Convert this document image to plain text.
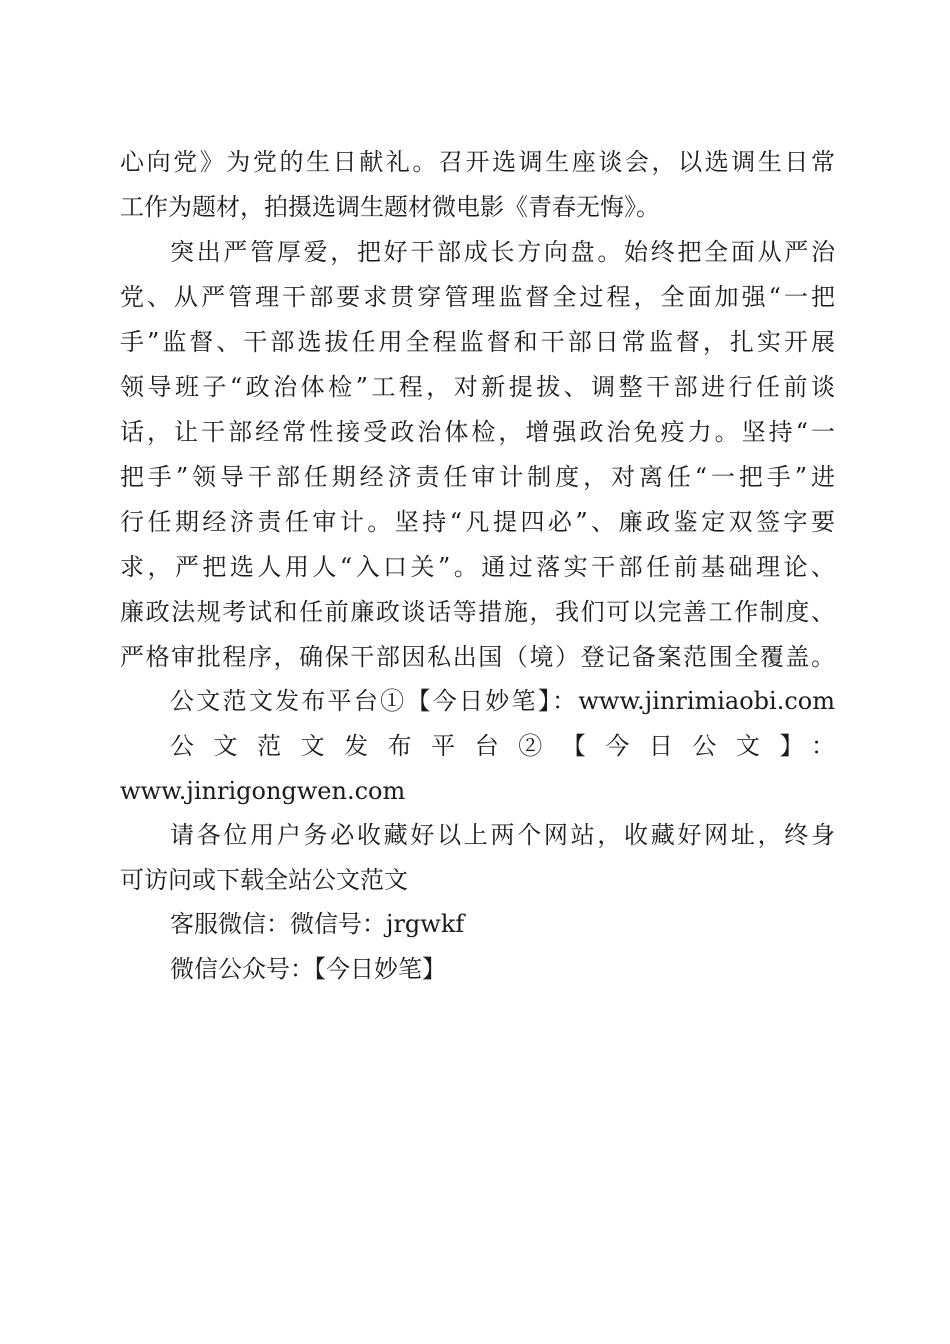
心向党》为党的生日献礼。召开选调生座谈会，以选调生日常
工作为题材，拍摄选调生题材微电影《青春无悔》。
突出严管厚爱，把好干部成长方向盘。始终把全面从严治
党、从严管理干部要求贯穿管理监督全过程，全面加强“一把
手”监督、干部选拔任用全程监督和干部日常监督，扎实开展
领导班子“政治体检”工程，对新提拔、调整干部进行任前谈
话，让干部经常性接受政治体检，增强政治免疫力。坚持“一
把手”领导干部任期经济责任审计制度，对离任“一把手”进
行任期经济责任审计。坚持“凡提四必”、廉政鉴定双签字要
求，严把选人用人“入口关”。通过落实干部任前基础理论、
廉政法规考试和任前廉政谈话等措施，我们可以完善工作制度、
严格审批程序，确保干部因私出国（境）登记备案范围全覆盖。
公文范文发布平台①【今日妙笔】：www.jinrimiaobi.com
公文范文发布平台②【今日公文】：
www.jinrigongwen.com
请各位用户务必收藏好以上两个网站，收藏好网址，终身
可访问或下载全站公文范文
客服微信：微信号：jrgwkf
微信公众号：【今日妙笔】
